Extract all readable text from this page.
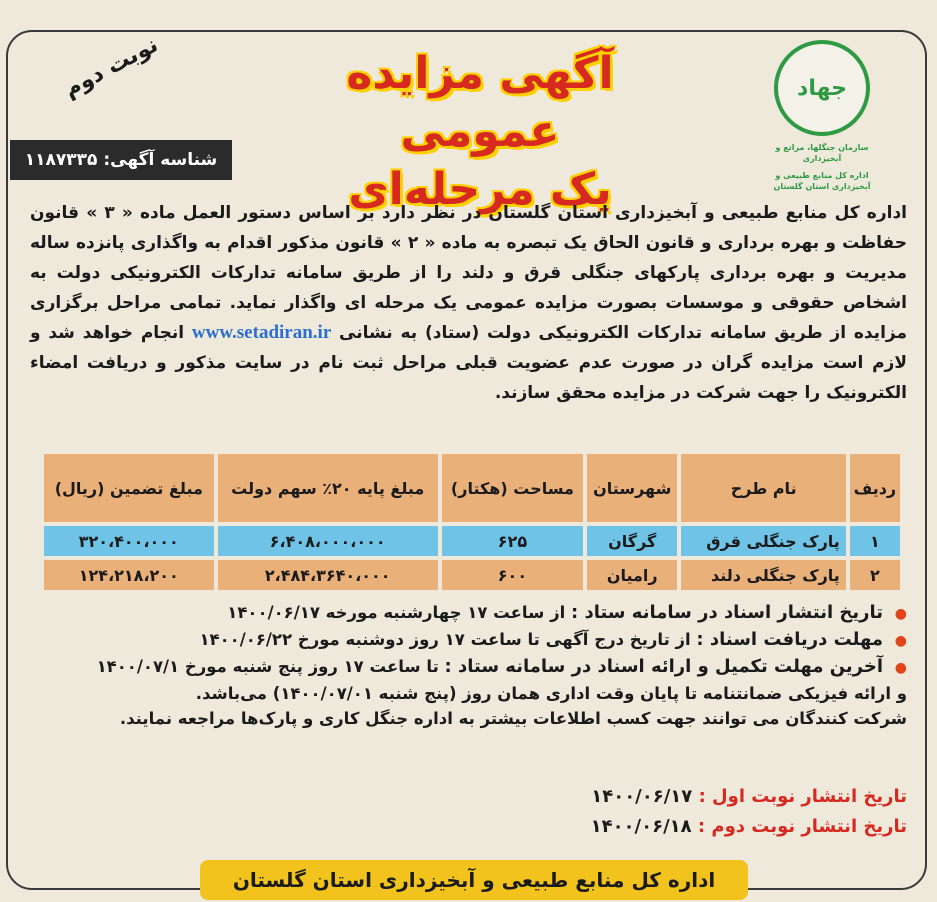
جهاد
سازمان جنگلها، مراتع و آبخیزداری
اداره کل منابع طبیعی و آبخیزداری استان گلستان
آگهی مزایده عمومی
یک مرحله‌ای
نوبت دوم
شناسه آگهی:
۱۱۸۷۳۳۵
اداره کل منابع طبیعی و آبخیزداری استان گلستان در نظر دارد بر اساس دستور العمل ماده « ۳ » قانون حفاظت و بهره برداری و قانون الحاق یک تبصره به ماده « ۲ » قانون مذکور اقدام به واگذاری پانزده ساله مدیریت و بهره برداری پارکهای جنگلی قرق و دلند را از طریق سامانه تدارکات الکترونیکی دولت به اشخاص حقوقی و موسسات بصورت مزایده عمومی یک مرحله ای واگذار نماید. تمامی مراحل برگزاری مزایده از طریق سامانه تدارکات الکترونیکی دولت (ستاد) به نشانی www.setadiran.ir انجام خواهد شد و لازم است مزایده گران در صورت عدم عضویت قبلی مراحل ثبت نام در سایت مذکور و دریافت امضاء الکترونیک را جهت شرکت در مزایده محقق سازند.
ردیف	نام طرح	شهرستان	مساحت (هکتار)	مبلغ پایه ۲۰٪ سهم دولت	مبلغ تضمین (ریال)
۱	پارک جنگلی قرق	گرگان	۶۲۵	۶،۴۰۸،۰۰۰،۰۰۰	۳۲۰،۴۰۰،۰۰۰
۲	پارک جنگلی دلند	رامیان	۶۰۰	۲،۴۸۴،۳۶۴۰،۰۰۰	۱۲۴،۲۱۸،۲۰۰
● تاریخ انتشار اسناد در سامانه ستاد : از ساعت ۱۷ چهارشنبه مورخه ۱۴۰۰/۰۶/۱۷
● مهلت دریافت اسناد : از تاریخ درج آگهی تا ساعت ۱۷ روز دوشنبه مورخ ۱۴۰۰/۰۶/۲۲
● آخرین مهلت تکمیل و ارائه اسناد در سامانه ستاد : تا ساعت ۱۷ روز پنج شنبه مورخ ۱۴۰۰/۰۷/۱
و ارائه فیزیکی ضمانتنامه تا پایان وقت اداری همان روز (پنج شنبه ۱۴۰۰/۰۷/۰۱) می‌باشد.
شرکت کنندگان می توانند جهت کسب اطلاعات بیشتر به اداره جنگل کاری و پارک‌ها مراجعه نمایند.
تاریخ انتشار نوبت اول : ۱۴۰۰/۰۶/۱۷
تاریخ انتشار نوبت دوم : ۱۴۰۰/۰۶/۱۸
اداره کل منابع طبیعی و آبخیزداری استان گلستان
